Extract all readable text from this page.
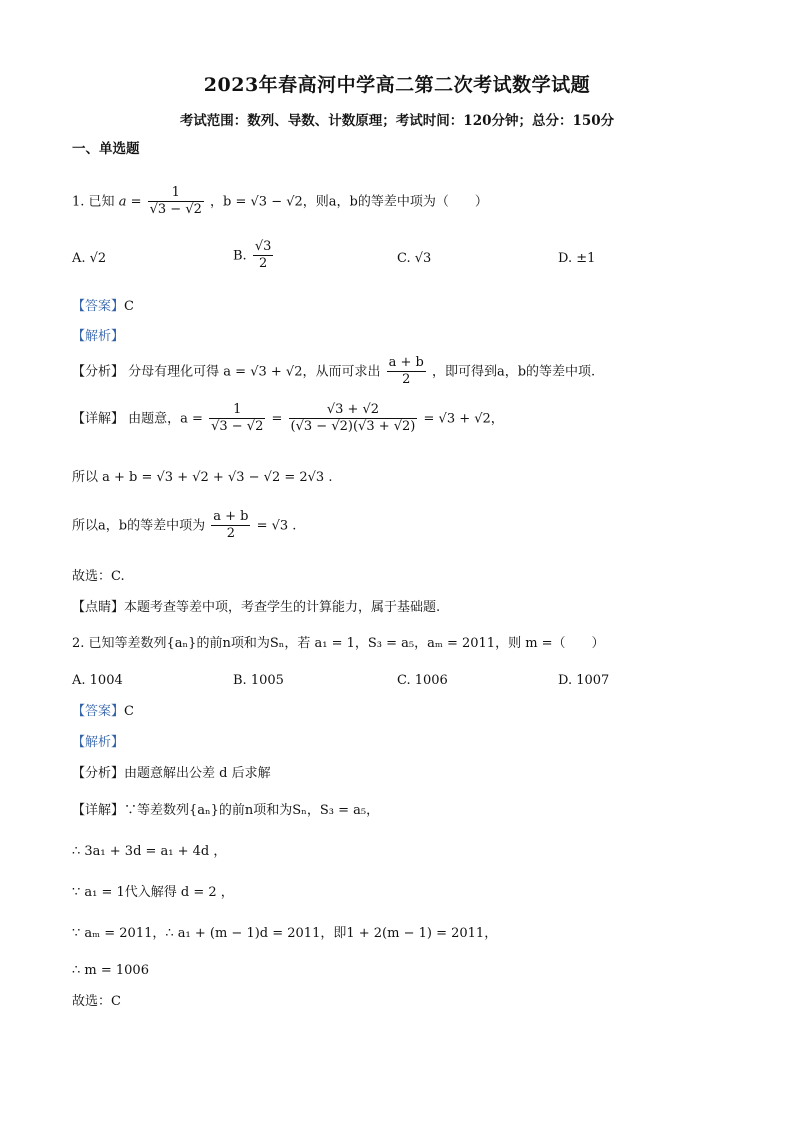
2023年春高河中学高二第二次考试数学试题
考试范围：数列、导数、计数原理；考试时间：120分钟；总分：150分
一、单选题
1. 已知 $a = \frac{1}{√3 - √2}$ ，b = √3 − √2，则a，b的等差中项为（　　）
A. √2	B. $\frac{√3}{2}$	C. √3	D. ±1
【答案】C
【解析】
【分析】 分母有理化可得 a = √3 + √2，从而可求出 $\frac{a + b}{2}$ ，即可得到a，b的等差中项.
【详解】 由题意，$a = \frac{1}{√3 - √2} = \frac{√3 + √2}{(√3 - √2)(√3 + √2)} = √3 + √2$，
所以 a + b = √3 + √2 + √3 − √2 = 2√3 .
所以a，b的等差中项为 $\frac{a + b}{2} = √3$ .
故选：C.
【点睛】本题考查等差中项，考查学生的计算能力，属于基础题.
2. 已知等差数列{aₙ}的前n项和为Sₙ，若 a₁ = 1，S₃ = a₅，aₘ = 2011，则 m =（　　）
A. 1004	B. 1005	C. 1006	D. 1007
【答案】C
【解析】
【分析】由题意解出公差 d 后求解
【详解】∵等差数列{aₙ}的前n项和为Sₙ，S₃ = a₅，
∴ 3a₁ + 3d = a₁ + 4d ，
∵ a₁ = 1代入解得 d = 2 ，
∵ aₘ = 2011，∴ a₁ + (m − 1)d = 2011，即1 + 2(m − 1) = 2011，
∴ m = 1006
故选：C
